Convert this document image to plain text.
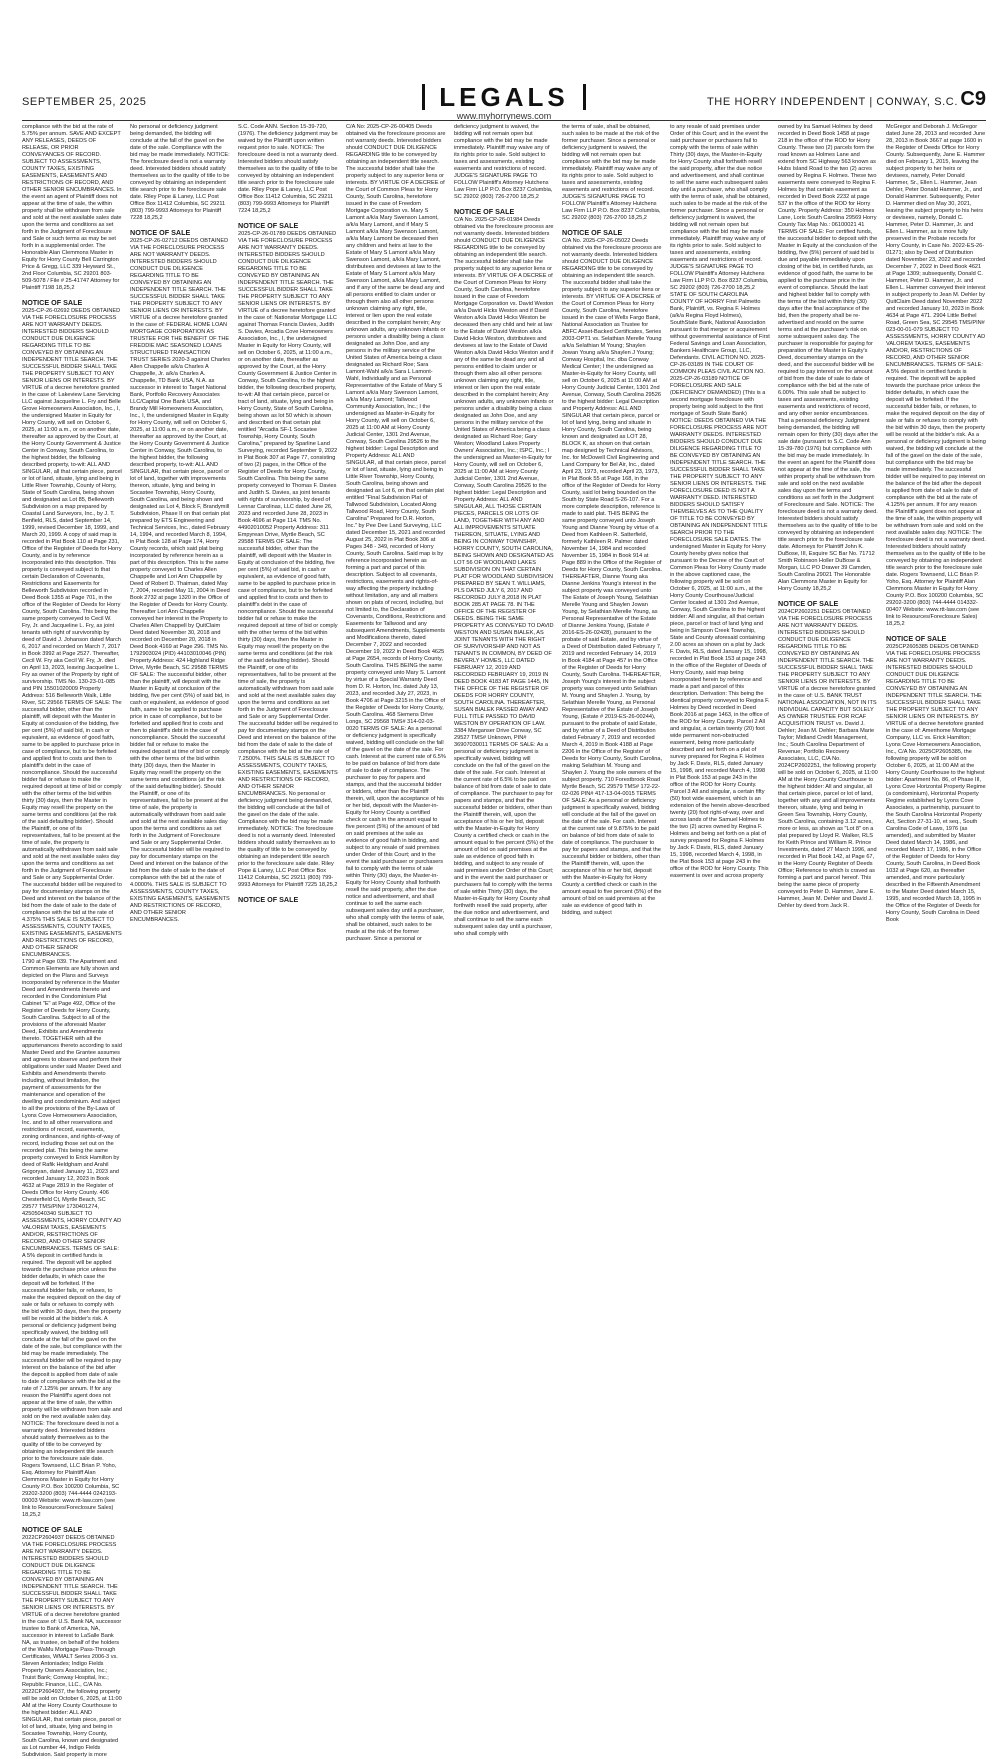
SEPTEMBER 25, 2025	LEGALS
www.myhorrynews.com
THE HORRY INDEPENDENT | CONWAY, S.C. C9
compliance with the bid at the rate of 5.75% per annum. SAVE AND EXCEPT ANY RELEASES, DEEDS OF RELEASE, OR PRIOR CONVEYANCES OF RECORD. SUBJECT TO ASSESSMENTS, COUNTY TAXES, EXISTING EASEMENTS, EASEMENTS AND RESTRICTIONS OF RECORD, AND OTHER SENIOR ENCUMBRANCES. In the event an agent of Plaintiff does not appear at the time of sale, the within property shall be withdrawn from sale and sold at the next available sales date upon the terms and conditions as set forth in the Judgment of Foreclosure and Sale or such terms as may be set forth in a supplemental order. The Honorable Alan Clemmons Master in Equity for Horry County Bell Carrington Price & Gregg, LLC 339 Heyward St., 2nd Floor Columbia, SC 29201 803-509-5078 / File # 25-41747 Attorney for Plaintiff 7198 18,25,2
NOTICE OF SALE
2025-CP-26-02692 DEEDS OBTAINED VIA THE FORECLOSURE PROCESS ARE NOT WARRANTY DEEDS. INTERESTED BIDDERS SHOULD CONDUCT DUE DILIGENCE REGARDING TITLE TO BE CONVEYED BY OBTAINING AN INDEPENDENT TITLE SEARCH. THE SUCCESSFUL BIDDER SHALL TAKE THE PROPERTY SUBJECT TO ANY SENIOR LIENS OR INTERESTS. BY VIRTUE of a decree heretofore granted in the case of: Lakeview Lane Servicing LLC against Jacqueline L. Fry and Belle Grove Homeowners Association, Inc., I, the undersigned Master in Equity for Horry County, will sell on October 6, 2025, at 11:00 a.m., or on another date, thereafter as approved by the Court, at the Horry County Government & Justice Center in Conway, South Carolina, to the highest bidder, the following described property, to-wit: ALL AND SINGULAR, all that certain piece, parcel or lot of land, situate, lying and being in Little River Township, County of Horry, State of South Carolina, being shown and designated as Lot 85, Belleworth Subdivision on a map prepared by Coastal Land Surveyors, Inc., by J. T. Benfield, RLS, dated September 14, 1999, revised December 18, 1999, and March 20, 1999. A copy of said map is recorded in Plat Book 110 at Page 231, Office of the Register of Deeds for Horry County, and is by reference incorporated into this description. This property is conveyed subject to that certain Declaration of Covenants, Restrictions and Easements for Belleworth Subdivision recorded in Deed Book 1355 at Page 701, in the office of the Register of Deeds for Horry County, South Carolina. This being the same property conveyed to Cecil W. Fry, Jr. and Jacqueline L. Fry, as joint tenants with right of survivorship by deed of David J. Johanson dated March 6, 2017 and recorded on March 7, 2017 in Book 3992 at Page 2527. Thereafter, Cecil W. Fry aka Cecil W. Fry, Jr. died on April 13, 2023, leaving Jacqueline L. Fry as owner of the Property by right of survivorship. TMS No. 130-23-01-085 and PIN 15501020009 Property Address: 516 Belleworth Walk, Little River, SC 29566 TERMS OF SALE: The successful bidder, other than the plaintiff, will deposit with the Master in Equity at conclusion of the bidding, five per cent (5%) of said bid, in cash or equivalent, as evidence of good faith, same to be applied to purchase price in case of compliance, but to be forfeited and applied first to costs and then to plaintiff's debt in the case of noncompliance. Should the successful bidder fail or refuse to make the required deposit at time of bid or comply with the other terms of the bid within thirty (30) days, then the Master in Equity may resell the property on the same terms and conditions (at the risk of the said defaulting bidder). Should the Plaintiff, or one of its representatives, fail to be present at the time of sale, the property is automatically withdrawn from said sale and sold at the next available sales day upon the terms and conditions as set forth in the Judgment of Foreclosure and Sale or any Supplemental Order. The successful bidder will be required to pay for documentary stamps on the Deed and interest on the balance of the bid from the date of sale to the date of compliance with the bid at the rate of 4.375% THIS SALE IS SUBJECT TO ASSESSMENTS, COUNTY TAXES, EXISTING EASEMENTS, EASEMENTS AND RESTRICTIONS OF RECORD, AND OTHER SENIOR ENCUMBRANCES.
No personal or deficiency judgment being demanded, the bidding will conclude at the fall of the gavel on the date of the sale. Compliance with the bid may be made immediately. NOTICE: The foreclosure deed is not a warranty deed. Interested bidders should satisfy themselves as to the quality of title to be conveyed by obtaining an independent title search prior to the foreclosure sale date. Riley Pope & Laney, LLC Post Office Box 11412 Columbia, SC 29211 (803) 799-9993 Attorneys for Plaintiff 7228 18,25,2
NOTICE OF SALE
2025-CP-26-02712 DEEDS OBTAINED VIA THE FORECLOSURE PROCESS ARE NOT WARRANTY DEEDS. INTERESTED BIDDERS SHOULD CONDUCT DUE DILIGENCE REGARDING TITLE TO BE CONVEYED BY OBTAINING AN INDEPENDENT TITLE SEARCH. THE SUCCESSFUL BIDDER SHALL TAKE THE PROPERTY SUBJECT TO ANY SENIOR LIENS OR INTERESTS. BY VIRTUE of a decree heretofore granted in the case of: FEDERAL HOME LOAN MORTGAGE CORPORATION AS TRUSTEE FOR THE BENEFIT OF THE FREDDIE MAC SEASONED LOANS STRUCTURED TRANSACTION TRUST SERIES 2020-3 against Charles Allen Chappelle a/k/a Charles A Chappelle, Jr. a/k/a Charles A. Chappelle, TD Bank USA, N.A. as successor in interest to Target National Bank, Portfolio Recovery Associates LLC/Capital One Bank USA, and Brandy Mill Homeowners Association, Inc., I, the undersigned Master in Equity for Horry County, will sell on October 6, 2025, at 11:00 a.m., or on another date, thereafter as approved by the Court, at the Horry County Government & Justice Center in Conway, South Carolina, to the highest bidder, the following described property, to-wit: ALL AND SINGULAR, that certain piece, parcel or lot of land, together with improvements thereon, situate, lying and being in Socastee Township, Horry County, South Carolina, and being shown and designated as Lot 4, Block F, Brandymill Subdivision, Phase II on that certain plat prepared by ETS Engineering and Technical Services, Inc., dated February 14, 1994, and recorded March 8, 1994, in Plat Book 128 at Page 174, Horry County records, which said plat being incorporated by reference herein as a part of this description. This is the same property conveyed to Charles Allen Chappelle and Lori Ann Chappelle by Deed of Robert D. Thaiman, dated May 7, 2004, recorded May 11, 2004 in Deed Book 2732 at page 1320 in the Office of the Register of Deeds for Horry County. Thereafter Lori Ann Chappelle conveyed her interest in the Property to Charles Allen Chappell by QuitClaim Deed dated November 30, 2018 and recorded on December 20, 2018 in Deed Book 4169 at Page 296. TMS No. 1792903024 (PID) 44103010046 (PIN) Property Address: 424 Highland Ridge Drive, Myrtle Beach, SC 29588 TERMS OF SALE: The successful bidder, other than the plaintiff, will deposit with the Master in Equity at conclusion of the bidding, five per cent (5%) of said bid, in cash or equivalent, as evidence of good faith, same to be applied to purchase price in case of compliance, but to be forfeited and applied first to costs and then to plaintiff's debt in the case of noncompliance. Should the successful bidder fail or refuse to make the required deposit at time of bid or comply with the other terms of the bid within thirty (30) days, then the Master in Equity may resell the property on the same terms and conditions (at the risk of the said defaulting bidder). Should the Plaintiff, or one of its representatives, fail to be present at the time of sale, the property is automatically withdrawn from said sale and sold at the next available sales day upon the terms and conditions as set forth in the Judgment of Foreclosure and Sale or any Supplemental Order. The successful bidder will be required to pay for documentary stamps on the Deed and interest on the balance of the bid from the date of sale to the date of compliance with the bid at the rate of 4.0000%. THIS SALE IS SUBJECT TO ASSESSMENTS, COUNTY TAXES, EXISTING EASEMENTS, EASEMENTS AND RESTRICTIONS OF RECORD, AND OTHER SENIOR ENCUMBRANCES.
S.C. Code ANN. Section 15-39-720, (1976). The deficiency judgment may be waived by the Plaintiff upon written request prior to sale. NOTICE: The foreclosure deed is not a warranty deed. Interested bidders should satisfy themselves as to the quality of title to be conveyed by obtaining an independent title search prior to the foreclosure sale date. Riley Pope & Laney, LLC Post Office Box 11412 Columbia, SC 29211 (803) 799-9993 Attorneys for Plaintiff 7224 18,25,2
NOTICE OF SALE
2025-CP-26-01789 DEEDS OBTAINED VIA THE FORECLOSURE PROCESS ARE NOT WARRANTY DEEDS. INTERESTED BIDDERS SHOULD CONDUCT DUE DILIGENCE REGARDING TITLE TO BE CONVEYED BY OBTAINING AN INDEPENDENT TITLE SEARCH. THE SUCCESSFUL BIDDER SHALL TAKE THE PROPERTY SUBJECT TO ANY SENIOR LIENS OR INTERESTS. BY VIRTUE of a decree heretofore granted in the case of: Nationstar Mortgage LLC against Thomas Francis Davies, Judith S. Davies, Arcadia Cove Homeowners Association, Inc., I, the undersigned Master in Equity for Horry County, will sell on October 6, 2025, at 11:00 a.m., or on another date, thereafter as approved by the Court, at the Horry County Government & Justice Center in Conway, South Carolina, to the highest bidder, the following described property, to-wit: All that certain piece, parcel or tract of land, situate, lying and being in Horry County, State of South Carolina, being shown as lot 50 which is shown and described on that certain plat entitled "Arcadia SF-1 Socastee Township, Horry County, South Carolina," prepared by Sparline Land Surveying, recorded September 9, 2022 in Plat Book 307 at Page 77, consisting of two (2) pages, in the Office of the Register of Deeds for Horry County, South Carolina. This being the same property conveyed to Thomas F. Davies and Judith S. Davies, as joint tenants with rights of survivorship, by deed of Lennar Carolinas, LLC dated June 26, 2023 and recorded June 28, 2023 in Book 4696 at Page 114. TMS No. 44902010052 Property Address: 311 Empyrean Drive, Myrtle Beach, SC 29588 TERMS OF SALE: The successful bidder, other than the plaintiff, will deposit with the Master in Equity at conclusion of the bidding, five per cent (5%) of said bid, in cash or equivalent, as evidence of good faith, same to be applied to purchase price in case of compliance, but to be forfeited and applied first to costs and then to plaintiff's debt in the case of noncompliance. Should the successful bidder fail or refuse to make the required deposit at time of bid or comply with the other terms of the bid within thirty (30) days, then the Master in Equity may resell the property on the same terms and conditions (at the risk of the said defaulting bidder). Should the Plaintiff, or one of its representatives, fail to be present at the time of sale, the property is automatically withdrawn from said sale and sold at the next available sales day upon the terms and conditions as set forth in the Judgment of Foreclosure and Sale or any Supplemental Order. The successful bidder will be required to pay for documentary stamps on the Deed and interest on the balance of the bid from the date of sale to the date of compliance with the bid at the rate of 7.2500%. THIS SALE IS SUBJECT TO ASSESSMENTS, COUNTY TAXES, EXISTING EASEMENTS, EASEMENTS AND RESTRICTIONS OF RECORD, AND OTHER SENIOR ENCUMBRANCES. No personal or deficiency judgment being demanded, the bidding will conclude at the fall of the gavel on the date of the sale. Compliance with the bid may be made immediately. NOTICE: The foreclosure deed is not a warranty deed. Interested bidders should satisfy themselves as to the quality of title to be conveyed by obtaining an independent title search prior to the foreclosure sale date. Riley Pope & Laney, LLC Post Office Box 11412 Columbia, SC 29211 (803) 799-9993 Attorneys for Plaintiff 7225 18,25,2
NOTICE OF SALE
C/A No: 2025-CP-26-00405 Deeds obtained via the foreclosure process are not warranty deeds. Interested bidders should CONDUCT DUE DILIGENCE REGARDING title to be conveyed by obtaining an independent title search. The successful bidder shall take the property subject to any superior liens or interests. BY VIRTUE OF A DECREE of the Court of Common Pleas for Horry County, South Carolina, heretofore issued in the case of Freedom Mortgage Corporation vs. Mary S Lamont a/k/a Mary Swenson Lamont, a/k/a Mary Lamont, and if Mary S Lamont a/k/a Mary Swenson Lamont, a/k/a Mary Lamont be deceased then any children and heirs at law to the Estate of Mary S Lamont a/k/a Mary Swenson Lamont, a/k/a Mary Lamont, distributees and devisees at law to the Estate of Mary S Lamont a/k/a Mary Swenson Lamont, a/k/a Mary Lamont, and if any of the same be dead any and all persons entitled to claim under or through them also all other persons unknown claiming any right, title, interest or lien upon the real estate described in the complaint herein; Any unknown adults, any unknown infants or persons under a disability being a class designated as John Doe, and any persons in the military service of the United States of America being a class designated as Richard Roe; Sara Lamont-Wahl a/k/a Sara L Lamont-Wahl, Individually and as Personal Representative of the Estate of Mary S Lamont a/k/a Mary Swenson Lamont, a/k/a Mary Lamont; Tallwood Community Association, Inc.; I the undersigned as Master-in-Equity for Horry County, will sell on October 6, 2025 at 11:00 AM at Horry County Judicial Center, 1301 2nd Avenue, Conway, South Carolina 29526 to the highest bidder: Legal Description and Property Address: ALL AND SINGULAR, all that certain piece, parcel or lot of land, situate, lying and being in Little River Township, Horry County, South Carolina, being shown and designated as Lot 6, on that certain plat entitled "Final Subdivision Plat of Tallwood Subdivision, Located Along Tallwood Road, Horry County, South Carolina" Prepared for D.R. Horton, Inc." by Pee Dee Land Surveying, LLC dated December 15, 2021 and recorded August 25, 2022 in Plat Book 306 at Pages 348 - 349, recorded of Horry County, South Carolina. Said map is by reference incorporated herein as forming a part and parcel of this description. Subject to all covenants, restrictions, easements and rights-of-way affecting the property including without limitation, any and all matters shown on plats of record, including, but not limited to, the Declaration of Covenants, Conditions, Restrictions and Easements for Tallwood and any subsequent Amendments, Supplements and Modifications thereto, dated December 7, 2022 and recorded December 19, 2022 in Deed Book 4625 at Page 2654, records of Horry County, South Carolina. THIS BEING the same property conveyed unto Mary S. Lamont by virtue of a Special Warranty Deed from D. R. Horton, Inc. dated July 13, 2023, and recorded July 27, 2023, in Book 4706 at Page 3215 in the Office of the Register of Deeds for Horry County, South Carolina. 468 Siemens Drive Longs, SC 29568 TMS# 314-02-03-0020 TERMS OF SALE: As a personal or deficiency judgment is specifically waived, bidding will conclude on the fall of the gavel on the date of the sale. For cash. Interest at the current rate of 6.5% to be paid on balance of bid from date of sale to date of compliance. The purchaser to pay for papers and stamps, and that the successful bidder or bidders, other than the Plaintiff therein, will, upon the acceptance of his or her bid, deposit with the Master-in-Equity for Horry County a certified check or cash in the amount equal to five percent (5%) of the amount of bid on said premises at the sale as evidence of good faith in bidding, and subject to any resale of said premises under Order of this Court; and in the event the said purchaser or purchasers fail to comply with the terms of sale within Thirty (30) days, the Master-in-Equity for Horry County shall forthwith resell the said property, after the due notice and advertisement, and shall continue to sell the same each subsequent sales day until a purchaser, who shall comply with the terms of sale, shall be obtained, such sales to be made at the risk of the former purchaser. Since a personal or
deficiency judgment is waived, the bidding will not remain open but compliance with the bid may be made immediately. Plaintiff may waive any of its rights prior to sale. Sold subject to taxes and assessments, existing easements and restrictions of record. JUDGE'S SIGNATURE PAGE TO FOLLOW Plaintiff's Attorney Hutchens Law Firm LLP P.O. Box 8237 Columbia, SC 29202 (803) 726-2700 18,25,2
NOTICE OF SALE
C/A No. 2025-CP-26-01984 Deeds obtained via the foreclosure process are not warranty deeds. Interested bidders should CONDUCT DUE DILIGENCE REGARDING title to be conveyed by obtaining an independent title search. The successful bidder shall take the property subject to any superior liens or interests. BY VIRTUE OF A DECREE of the Court of Common Pleas for Horry County, South Carolina, heretofore issued in the case of Freedom Mortgage Corporation vs. David Weston a/k/a David Hicks Weston and if David Weston a/k/a David Hicks Weston be deceased then any child and heir at law to the Estate of David Weston a/k/a David Hicks Weston, distributees and devisees at law to the Estate of David Weston a/k/a David Hicks Weston and if any of the same be dead any and all persons entitled to claim under or through them also all other persons unknown claiming any right, title, interest or lien upon the real estate described in the complaint herein; Any unknown adults, any unknown infants or persons under a disability being a class designated as John Doe, and any persons in the military service of the United States of America being a class designated as Richard Roe; Gary Weston; Woodland Lakes Property Owners' Association, Inc.; ISPC, Inc.; I the undersigned as Master-in-Equity for Horry County, will sell on October 6, 2025 at 11:00 AM at Horry County Judicial Center, 1301 2nd Avenue, Conway, South Carolina 29526 to the highest bidder: Legal Description and Property Address: ALL AND SINGULAR, ALL THOSE CERTAIN PIECES, PARCELS OR LOTS OF LAND, TOGETHER WITH ANY AND ALL IMPROVEMENTS SITUATE THEREON, SITUATE, LYING AND BEING IN CONWAY TOWNSHIP, HORRY COUNTY, SOUTH CAROLINA, BEING SHOWN AND DESIGNATED AS LOT 56 OF WOODLAND LAKES SUBDIVISION ON THAT CERTAIN PLAT FOR WOODLAND SUBDIVISION PREPARED BY SEAN T. WILLIAMS, PLS DATED JULY 6, 2017 AND RECORDED JULY 8,2018 IN PLAT BOOK 285 AT PAGE 78. IN THE OFFICE OF THE REGISTER OF DEEDS. BEING THE SAME PROPERTY AS CONVEYED TO DAVID WESTON AND SUSAN BIALEK, AS JOINT TENANTS WITH THE RIGHT OF SURVIVORSHIP AND NOT AS TENANTS IN COMMON, BY DEED OF BEVERLY HOMES, LLC DATED FEBRUARY 12, 2019 AND RECORDED FEBRUARY 19, 2019 IN DEED BOOK 4183 AT PAGE 1445, IN THE OFFICE OF THE REGISTER OF DEEDS FOR HORRY COUNTY, SOUTH CAROLINA. THEREAFTER, SUSAN BIALEK PASSED AWAY AND FULL TITLE PASSED TO DAVID WESTON BY OPERATION OF LAW. 3384 Merganser Drive Conway, SC 29527 TMS# Unknown, PIN# 36907030011 TERMS OF SALE: As a personal or deficiency judgment is specifically waived, bidding will conclude on the fall of the gavel on the date of the sale. For cash. Interest at the current rate of 6.5% to be paid on balance of bid from date of sale to date of compliance. The purchaser to pay for papers and stamps, and that the successful bidder or bidders, other than the Plaintiff therein, will, upon the acceptance of his or her bid, deposit with the Master-in-Equity for Horry County a certified check or cash in the amount equal to five percent (5%) of the amount of bid on said premises at the sale as evidence of good faith in bidding, and subject to any resale of said premises under Order of this Court; and in the event the said purchaser or purchasers fail to comply with the terms of sale within Thirty (30) days, the Master-in-Equity for Horry County shall forthwith resell the said property, after the due notice and advertisement, and shall continue to sell the same each subsequent sales day until a purchaser, who shall comply with
the terms of sale, shall be obtained, such sales to be made at the risk of the former purchaser. Since a personal or deficiency judgment is waived, the bidding will not remain open but compliance with the bid may be made immediately. Plaintiff may waive any of its rights prior to sale. Sold subject to taxes and assessments, existing easements and restrictions of record. JUDGE'S SIGNATURE PAGE TO FOLLOW Plaintiff's Attorney Hutchens Law Firm LLP P.O. Box 8237 Columbia, SC 29202 (803) 726-2700 18,25,2
NOTICE OF SALE
C/A No. 2025-CP-26-05022 Deeds obtained via the foreclosure process are not warranty deeds. Interested bidders should CONDUCT DUE DILIGENCE REGARDING title to be conveyed by obtaining an independent title search. The successful bidder shall take the property subject to any superior liens or interests. BY VIRTUE OF A DECREE of the Court of Common Pleas for Horry County, South Carolina, heretofore issued in the case of Wells Fargo Bank, National Association as Trustee for ABFC Asset-Backed Certificates, Series 2003-OPT1 vs. Selathian Merelle Young a/k/a Selathian M Young; Shaylen Jowan Young a/k/a Shaylen J Young; Conway Hospital, Inc. dba Conway Medical Center; I the undersigned as Master-in-Equity for Horry County, will sell on October 6, 2025 at 11:00 AM at Horry County Judicial Center, 1301 2nd Avenue, Conway, South Carolina 29526 to the highest bidder: Legal Description and Property Address: ALL AND SINGULAR that certain piece, parcel or lot of land lying, being and situate in Horry County, South Carolina, being known and designated as LOT 28, BLOCK K, as shown on that certain map designed by Technical Advisors, Inc. for McDowell Civil Engineering and Land Company for Bel Air, Inc., dated April 23, 1973, recorded April 23, 1973, in Plat Book 55 at Page 168, in the office of the Register of Deeds for Horry County, said lot being bounded on the South by State Road S-26-107. For a more complete description, reference is made to said plat. THIS BEING the same property conveyed unto Joseph Young and Dianne Young by virtue of a Deed from Kathleen R. Satterfield, formerly Kathleen R. Palmer dated November 14, 1984 and recorded November 15, 1984 in Book 914 at Page 889 in the Office of the Register of Deeds for Horry County, South Carolina. THEREAFTER, Dianne Young aka Dianne Jenkins Young's interest in the subject property was conveyed unto The Estate of Joseph Young, Selathian Merelle Young and Shaylen Jowan Young, by Selathian Merelle Young, as Personal Representative of the Estate of Dianne Jenkins Young, (Estate # 2016-ES-26-02428), pursuant to the probate of said Estate, and by virtue of a Deed of Distribution dated February 7, 2019 and recorded February 14, 2019 in Book 4184 at Page 457 in the Office of the Register of Deeds for Horry County, South Carolina. THEREAFTER, Joseph Young's interest in the subject property was conveyed unto Selathian M. Young and Shaylen J. Young, by Selathian Merelle Young, as Personal Representative of the Estate of Joseph Young, (Estate # 2019-ES-26-00244), pursuant to the probate of said Estate, and by virtue of a Deed of Distribution dated February 7, 2019 and recorded March 4, 2019 in Book 4188 at Page 2206 in the Office of the Register of Deeds for Horry County, South Carolina, making Selathian M. Young and Shaylen J. Young the sole owners of the subject property. 710 Forestbrook Road Myrtle Beach, SC 29579 TMS# 172-22-02-026 PIN# 417-13-04-0015 TERMS OF SALE: As a personal or deficiency judgment is specifically waived, bidding will conclude at the fall of the gavel on the date of the sale. For cash. Interest at the current rate of 9.875% to be paid on balance of bid from date of sale to date of compliance. The purchaser to pay for papers and stamps, and that the successful bidder or bidders, other than the Plaintiff therein, will, upon the acceptance of his or her bid, deposit with the Master-in-Equity for Horry County a certified check or cash in the amount equal to five percent (5%) of the amount of bid on said premises at the sale as evidence of good faith in bidding, and subject
to any resale of said premises under Order of this Court; and in the event the said purchaser or purchasers fail to comply with the terms of sale within Thirty (30) days, the Master-in-Equity for Horry County shall forthwith resell the said property, after the due notice and advertisement, and shall continue to sell the same each subsequent sales day until a purchaser, who shall comply with the terms of sale, shall be obtained, such sales to be made at the risk of the former purchaser. Since a personal or deficiency judgment is waived, the bidding will not remain open but compliance with the bid may be made immediately. Plaintiff may waive any of its rights prior to sale. Sold subject to taxes and assessments, existing easements and restrictions of record. JUDGE'S SIGNATURE PAGE TO FOLLOW Plaintiff's Attorney Hutchens Law Firm LLP P.O. Box 8237 Columbia, SC 29202 (803) 726-2700 18,25,2
STATE OF SOUTH CAROLINA COUNTY OF HORRY First Palmetto Bank, Plaintiff, vs. Regina F. Holmes (a/k/a Regina Floyd Holmes), SouthState Bank, National Association pursuant to that merger or acquirement without governmental assistance of First Federal Savings and Loan Association, Bankers Healthcare Group, LLC, Defendants. CIVIL ACTION NO. 2025-CP-26-03189 IN THE COURT OF COMMON PLEAS CIVIL ACTION NO. 2025-CP-26-03189 NOTICE OF FORECLOSURE AND SALE (DEFICIENCY DEMANDED) (This is a second mortgage foreclosure with property being sold subject to the first mortgage of South State Bank) NOTICE: DEEDS OBTAINED VIA THE FORECLOSURE PROCESS ARE NOT WARRANTY DEEDS. INTERESTED BIDDERS SHOULD CONDUCT DUE DILIGENCE REGARDING TITLE TO BE CONVEYED BY OBTAINING AN INDEPENDENT TITLE SEARCH. THE SUCCESSFUL BIDDER SHALL TAKE THE PROPERTY SUBJECT TO ANY SENIOR LIENS OR INTERESTS. THE FORECLOSURE DEED IS NOT A WARRANTY DEED. INTERESTED BIDDERS SHOULD SATISFY THEMSELVES AS TO THE QUALITY OF TITLE TO BE CONVEYED BY OBTAINING AN INDEPENDENT TITLE SEARCH PRIOR TO THE FORECLOSURE SALE DATES. The undersigned Master in Equity for Horry County hereby gives notice that pursuant to the Decree of the Court of Common Pleas for Horry County made in the above captioned case, the following property will be sold on October 6, 2025, at 11:00 a.m., at the Horry County Courthouse/Judicial Center located at 1301 2nd Avenue, Conway, South Carolina to the highest bidder: All and singular, all that certain piece, parcel or tract of land lying and being in Simpson Creek Township, State and County aforesaid containing 2.00 acres as shown on a plat by Jack F. Davis, RLS, dated January 15, 1998, recorded in Plat Book 153 at page 243 in the office of the Register of Deeds of Horry County, said map being incorporated herein by reference and made a part and parcel of this description. Derivation: This being the identical property conveyed to Regina F. Holmes by Deed recorded in Deed Book 2016 at page 1463, in the office of the ROD for Horry County. Parcel 2 All and singular, a certain twenty (20) foot wide permanent non-obstructed easement, being more particularly described and set forth on a plat of survey prepared for Regina F. Holmes by Jack F. Davis, RLS, dated January 15, 1998, and recorded March 4, 1998 in Plat Book 153 at page 243 in the office of the ROD for Horry County. Parcel 3 All and singular, a certain fifty (50) foot wide easement, which is an extension of the herein above-described twenty (20) foot right-of-way, over and across lands of the Samuel Holmes to the two (2) acres owned by Regina F. Holmes and being set forth on a plat of survey prepared for Regina F. Holmes by Jack F. Davis, RLS, dated January 15, 1998, recorded March 4, 1998, in the Plat Book 153 at page 243 in the office of the ROD for Horry County. This easement is over and across property
owned by Ira Samuel Holmes by deed recorded in Deed Book 1458 at page 218 in the office of the ROD for Horry County. These two (2) parcels form the road known as Holmes Lane and extend from SC Highway 563 known as Hubs Island Road to the two (2) acres owned by Regina F. Holmes. These two easements were conveyed to Regina F. Holmes by that certain easement as recorded in Deed Book 2232 at page 537 in the office of the ROD for Horry County. Property Address: 350 Holmes Lane, Loris South Carolina 29569 Horry County Tax Map No.: 06100021 41 TERMS OF SALE: For certified funds, the successful bidder to deposit with the Master in Equity at the conclusion of the bidding, five (5%) percent of said bid is due and payable immediately upon closing of the bid, in certified funds, as evidence of good faith, the same to be applied to the purchase price in the event of compliance. Should the last and highest bidder fail to comply with the terms of the bid within thirty (30) days after the final acceptance of the bid, then the property shall be re-advertised and resold on the same terms and at the purchaser's risk on some subsequent sales day. The purchaser is responsible for paying for preparation of the Master in Equity's Deed, documentary stamps on the deed, and the successful bidder will be required to pay interest on the amount of bid from the date of sale to date of compliance with the bid at the rate of 6.00%. This sale shall be subject to taxes and assessments, existing easements and restrictions of record, and any other senior encumbrances. That a personal deficiency Judgment being demanded, the bidding will remain open for thirty (30) days after the sale date (pursuant to S.C. Code Ann 15-39-780 (1976) but compliance with the bid may be made immediately. In the event an agent for the Plaintiff does not appear at the time of the sale, the within property shall be withdrawn from sale and sold on the next available sales day upon the terms and conditions as set forth in the Judgment of Foreclosure and Sale. NOTICE: The foreclosure deed is not a warranty deed. Interested bidders should satisfy themselves as to the quality of title to be conveyed by obtaining an independent title search prior to the foreclosure sale date. Attorneys for Plaintiff John K. DuBose, III, Esquire SC Bar No. 71712 Smith Robinson Holler DuBose & Morgan, LLC PO Drawer 39 Camden, South Carolina 29021 The Honorable Alan Clemmons Master in Equity for Horry County 18,25,2
NOTICE OF SALE
2024CP2602251 DEEDS OBTAINED VIA THE FORECLOSURE PROCESS ARE NOT WARRANTY DEEDS. INTERESTED BIDDERS SHOULD CONDUCT DUE DILIGENCE REGARDING TITLE TO BE CONVEYED BY OBTAINING AN INDEPENDENT TITLE SEARCH. THE SUCCESSFUL BIDDER SHALL TAKE THE PROPERTY SUBJECT TO ANY SENIOR LIENS OR INTERESTS. BY VIRTUE of a decree heretofore granted in the case of: U.S. BANK TRUST NATIONAL ASSOCIATION, NOT IN ITS INDIVIDUAL CAPACITY BUT SOLELY AS OWNER TRUSTEE FOR RCAF ACQUISITION TRUST vs. David J. Dehler; Jean M. Dehler; Barbara Marie Taylor; Midland Credit Management, Inc.; South Carolina Department of Revenue; Portfolio Recovery Associates, LLC, C/A No. 2024CP2602251, the following property will be sold on October 6, 2025, at 11:00 AM at the Horry County Courthouse to the highest bidder: All and singular, all that certain piece, parcel or lot of land, together with any and all improvements thereon, situate, lying and being in Green Sea Township, Horry County, South Carolina, containing 3.12 acres, more or less, as shown as "Lot 8" on a plat prepared by Lloyd R. Walker, RLS for Keith Prince and William R. Prince Investments, dated 27 March 1996, and recorded in Plat Book 142, at Page 67, in the Horry County Register of Deeds Office; Reference to which is craved as forming a part and parcel hereof. This being the same piece of property conveyed to Peter D. Hammer, Jane E. Hammer, Jean M. Dehler and David J. Dehler by deed from Jack R.
McGregor and Deborah J. McGregor dated June 28, 2013 and recorded June 28, 2013 in Book 3667 at page 1600 in the Register of Deeds Office for Horry County. Subsequently, Jane E. Hammer died on February 1, 2015, leaving the subject property to her heirs or devisees, namely, Peter Donald Hammer, Sr., Ellen L. Hammer, Jean Dehler, Peter Donald Hammer, Jr., and Donald Hammer. Subsequently, Peter D. Hammer died on May 30, 2021, leaving the subject property to his heirs or devisees, namely, Donald C. Hammer, Peter D. Hammer, Jr. and Ellen L. Hammer, as is more fully preserved in the Probate records for Horry County, in Case No. 2022-ES-26-01271; also by Deed of Distribution dated November 23, 2022 and recorded December 7, 2022 in Deed Book 4621 at Page 1309; subsequently, Donald C. Hammer, Peter D. Hammer, Jr. and Ellen L. Hammer conveyed their interest in subject property to Jean M. Dehler by QuitClaim Deed dated November 2022 and recorded January 10, 2023 in Book 4634 at Page 471. 2904 Little Bethel Road, Green Sea, SC 29545 TMS/PIN# 023-00-01-079 SUBJECT TO ASSESSMENTS, HORRY COUNTY AD VALOREM TAXES, EASEMENTS AND/OR, RESTRICTIONS OF RECORD, AND OTHER SENIOR ENCUMBRANCES. TERMS OF SALE: A 5% deposit in certified funds is required. The deposit will be applied towards the purchase price unless the bidder defaults, in which case the deposit will be forfeited. If the successful bidder fails, or refuses, to make the required deposit on the day of sale or fails or refuses to comply with the bid within 30 days, then the property will be resold at the bidder's risk. As a personal or deficiency judgment is being waived, the bidding will conclude at the fall of the gavel on the date of the sale, but compliance with the bid may be made immediately. The successful bidder will be required to pay interest on the balance of the bid after the deposit is applied from date of sale to date of compliance with the bid at the rate of 4.125% per annum. If for any reason the Plaintiff's agent does not appear at the time of sale, the within property will be withdrawn from sale and sold on the next available sales day. NOTICE: The foreclosure deed is not a warranty deed. Interested bidders should satisfy themselves as to the quality of title to be conveyed by obtaining an independent title search prior to the foreclosure sale date. Rogers Townsend, LLC Brian P. Yoho, Esq. Attorney for Plaintiff Alan Clemmons Master in Equity for Horry County P.O. Box 100200 Columbia, SC 29202-3200 (803) 744-4444 014332-00407 Website: www.rtt-law.com (see link to Resources/Foreclosure Sales) 18,25,2
NOTICE OF SALE
2025CP2605385 DEEDS OBTAINED VIA THE FORECLOSURE PROCESS ARE NOT WARRANTY DEEDS. INTERESTED BIDDERS SHOULD CONDUCT DUE DILIGENCE REGARDING TITLE TO BE CONVEYED BY OBTAINING AN INDEPENDENT TITLE SEARCH. THE SUCCESSFUL BIDDER SHALL TAKE THE PROPERTY SUBJECT TO ANY SENIOR LIENS OR INTERESTS. BY VIRTUE of a decree heretofore granted in the case of: Amerihome Mortgage Company, LLC vs. Erick Hamilton; Lyons Cove Homeowners Association, Inc., C/A No. 2025CP2605385, the following property will be sold on October 6, 2025, at 11:00 AM at the Horry County Courthouse to the highest bidder: Apartment No. 86, of Phase III, Lyons Cove Horizontal Property Regime (a condominium), Horizontal Property Regime established by Lyons Cove Associates, a partnership, pursuant to the South Carolina Horizontal Property Act, Section 27-31-10, et seq., South Carolina Code of Laws, 1976 (as amended), and submitted by Master Deed dated March 14, 1986, and recorded March 17, 1986, in the Office of the Register of Deeds for Horry County, South Carolina, in Deed Book 1032 at Page 620, as thereafter amended, and more particularly described in the Fifteenth Amendment to the Master Deed dated March 15, 1995, and recorded March 18, 1995 in the Office of the Register of Deeds for Horry County, South Carolina in Deed Book
1790 at Page 039. The Apartment and Common Elements are fully shown and depicted on the Plans and Surveys incorporated by reference in the Master Deed and Amendments thereto and recorded in the Condominium Plat Cabinet "E" at Page 492, Office of the Register of Deeds for Horry County, South Carolina. Subject to all of the provisions of the aforesaid Master Deed, Exhibits and Amendments thereto. TOGETHER with all the appurtenances thereto according to said Master Deed and the Grantee assumes and agrees to observe and perform their obligations under said Master Deed and Exhibits and Amendments thereto including, without limitation, the payment of assessments for the maintenance and operation of the dwelling and condominium. And subject to all the provisions of the By-Laws of Lyons Cove Homeowners Association, Inc. and to all other reservations and restrictions of record, easements, zoning ordinances, and rights-of-way of record, including those set out on the recorded plat. This being the same property conveyed to Erick Hamilton by deed of Rafik Heldgham and Arahil Grigoryan, dated January 11, 2023 and recorded January 12, 2023 in Book 4632 at Page 2819 in the Register of Deeds Office for Horry County. 406 Chesterfield Ct, Myrtle Beach, SC 29577 TMS/PIN# 1730401274, 42505040340 SUBJECT TO ASSESSMENTS, HORRY COUNTY AD VALOREM TAXES, EASEMENTS AND/OR, RESTRICTIONS OF RECORD, AND OTHER SENIOR ENCUMBRANCES. TERMS OF SALE: A 5% deposit in certified funds is required. The deposit will be applied towards the purchase price unless the bidder defaults, in which case the deposit will be forfeited. If the successful bidder fails, or refuses, to make the required deposit on the day of sale or fails or refuses to comply with the bid within 30 days, then the property will be resold at the bidder's risk. A personal or deficiency judgment being specifically waived, the bidding will conclude at the fall of the gavel on the date of the sale, but compliance with the bid may be made immediately. The successful bidder will be required to pay interest on the balance of the bid after the deposit is applied from date of sale to date of compliance with the bid at the rate of 7.125% per annum. If for any reason the Plaintiff's agent does not appear at the time of sale, the within property will be withdrawn from sale and sold on the next available sales day. NOTICE: The foreclosure deed is not a warranty deed. Interested bidders should satisfy themselves as to the quality of title to be conveyed by obtaining an independent title search prior to the foreclosure sale date. Rogers Townsend, LLC Brian P. Yoho, Esq. Attorney for Plaintiff Alan Clemmons Master in Equity for Horry County P.O. Box 100200 Columbia, SC 29202-3200 (803) 744-4444 0242193-00003 Website: www.rtt-law.com (see link to Resources/Foreclosure Sales) 18,25,2
NOTICE OF SALE
2022CP2604937 DEEDS OBTAINED VIA THE FORECLOSURE PROCESS ARE NOT WARRANTY DEEDS. INTERESTED BIDDERS SHOULD CONDUCT DUE DILIGENCE REGARDING TITLE TO BE CONVEYED BY OBTAINING AN INDEPENDENT TITLE SEARCH. THE SUCCESSFUL BIDDER SHALL TAKE THE PROPERTY SUBJECT TO ANY SENIOR LIENS OR INTERESTS. BY VIRTUE of a decree heretofore granted in the case of: U.S. Bank NA, successor trustee to Bank of America, NA, successor in interest to LaSalle Bank NA, as trustee, on behalf of the holders of the WaMu Mortgage Pass-Through Certificates, WMALT Series 2006-3 vs. Steven Antoniades; Indigo Fields Property Owners Association, Inc.; Truist Bank; Conway Hospital, Inc.; Republic Finance, LLC., C/A No. 2022CP2604937, the following property will be sold on October 6, 2025, at 11:00 AM at the Horry County Courthouse to the highest bidder: ALL AND SINGULAR, that certain piece, parcel or lot of land, situate, lying and being in Socastee Township, Horry County, South Carolina, known and designated as Lot number 44, Indigo Fields Subdivision. Said property is more
